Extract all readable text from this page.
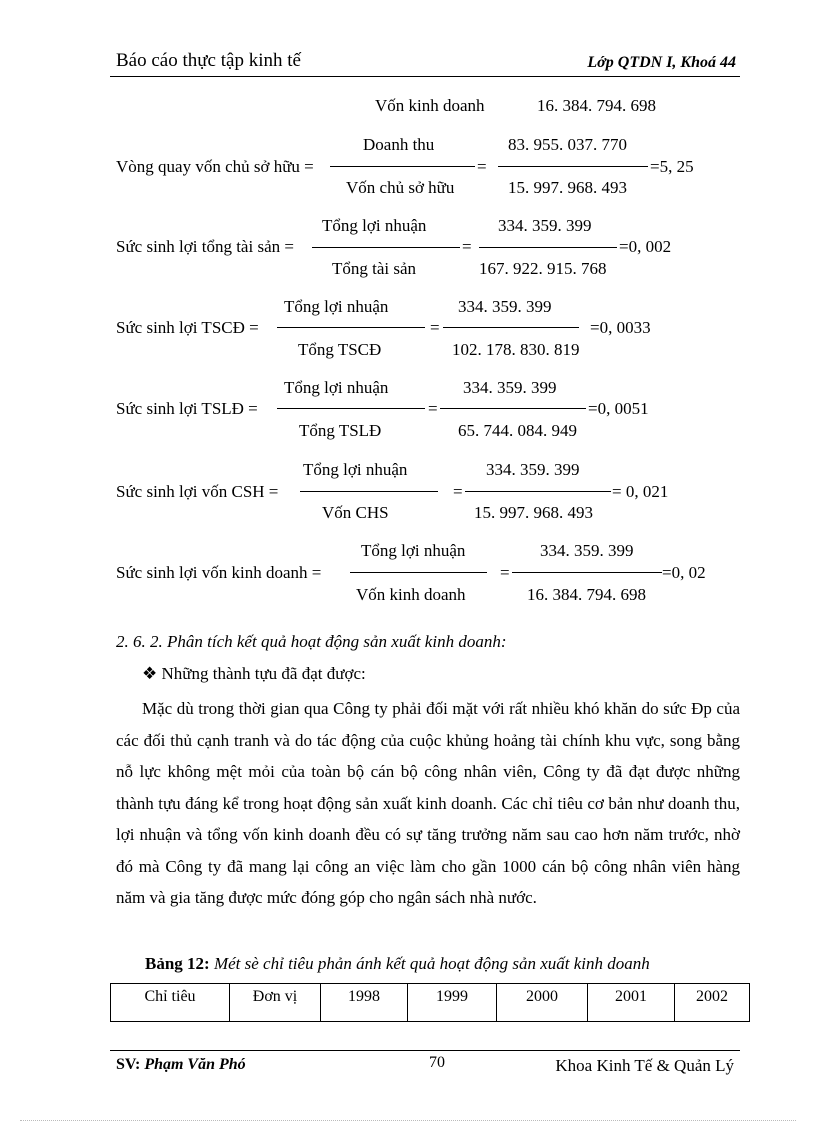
Báo cáo thực tập kinh tế	Lớp QTDN I, Khoá 44
Vốn kinh doanh	16. 384. 794. 698
Vòng quay vốn chủ sở hữu =
Doanh thu
=
Vốn chủ sở hữu
83. 955. 037. 770
15. 997. 968. 493
=5, 25
Sức sinh lợi tổng tài sản =
Tổng lợi nhuận
=
Tổng tài sản
334. 359. 399
167. 922. 915. 768
=0, 002
Sức sinh lợi TSCĐ =
Tổng lợi nhuận
=
Tổng TSCĐ
334. 359. 399
102. 178. 830. 819
=0, 0033
Sức sinh lợi TSLĐ =
Tổng lợi nhuận
=
Tổng TSLĐ
334. 359. 399
65. 744. 084. 949
=0, 0051
Sức sinh lợi vốn CSH =
Tổng lợi nhuận
=
Vốn CHS
334. 359. 399
15. 997. 968. 493
= 0, 021
Sức sinh lợi vốn kinh doanh =
Tổng lợi nhuận
=
Vốn kinh doanh
334. 359. 399
16. 384. 794. 698
=0, 02
2. 6. 2. Phân tích kết quả hoạt động sản xuất kinh doanh:
❖ Những thành tựu đã đạt được:
Mặc dù trong thời gian qua Công ty phải đối mặt với rất nhiều khó khăn do sức Ðp của các đối thủ cạnh tranh và do tác động của cuộc khủng hoảng tài chính khu vực, song bằng nỗ lực không mệt mỏi của toàn bộ cán bộ công nhân viên, Công ty đã đạt được những thành tựu đáng kể trong hoạt động sản xuất kinh doanh. Các chỉ tiêu cơ bản như doanh thu, lợi nhuận và tổng vốn kinh doanh đều có sự tăng trưởng năm sau cao hơn năm trước, nhờ đó mà Công ty đã mang lại công an việc làm cho gần 1000 cán bộ công nhân viên hàng năm và gia tăng được mức đóng góp cho ngân sách nhà nước.
Bảng 12: Mét sè chỉ tiêu phản ánh kết quả hoạt động sản xuất kinh doanh
Chỉ tiêu	Đơn vị	1998	1999	2000	2001	2002
SV: Phạm Văn Phó	70	Khoa Kinh Tế & Quản Lý
